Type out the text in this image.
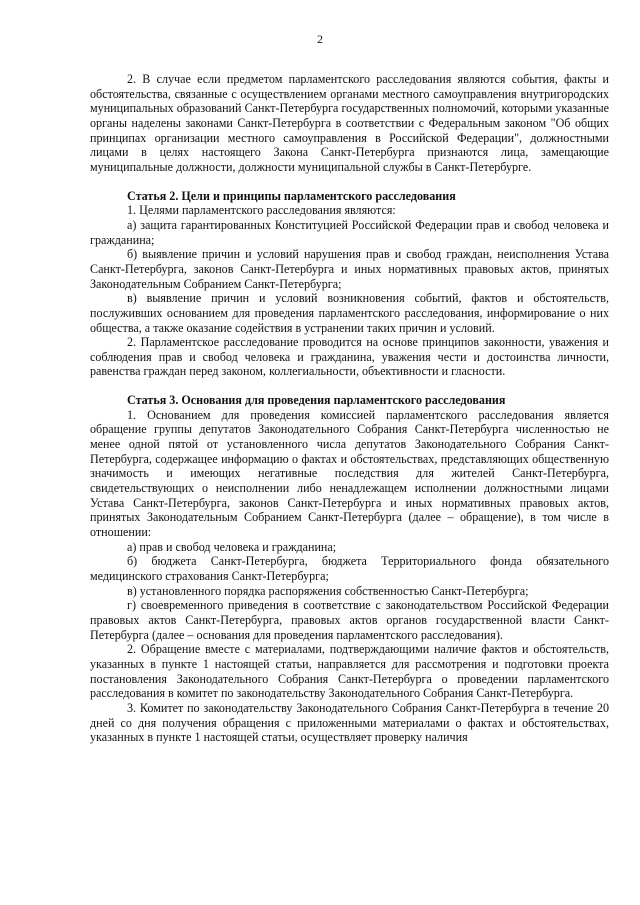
2

2. В случае если предметом парламентского расследования являются события, факты и обстоятельства, связанные с осуществлением органами местного самоуправления внутригородских муниципальных образований Санкт-Петербурга государственных полномочий, которыми указанные органы наделены законами Санкт-Петербурга в соответствии с Федеральным законом "Об общих принципах организации местного самоуправления в Российской Федерации", должностными лицами в целях настоящего Закона Санкт-Петербурга признаются лица, замещающие муниципальные должности, должности муниципальной службы в Санкт-Петербурге.

Статья 2. Цели и принципы парламентского расследования

1. Целями парламентского расследования являются:

а) защита гарантированных Конституцией Российской Федерации прав и свобод человека и гражданина;

б) выявление причин и условий нарушения прав и свобод граждан, неисполнения Устава Санкт-Петербурга, законов Санкт-Петербурга и иных нормативных правовых актов, принятых Законодательным Собранием Санкт-Петербурга;

в) выявление причин и условий возникновения событий, фактов и обстоятельств, послуживших основанием для проведения парламентского расследования, информирование о них общества, а также оказание содействия в устранении таких причин и условий.

2. Парламентское расследование проводится на основе принципов законности, уважения и соблюдения прав и свобод человека и гражданина, уважения чести и достоинства личности, равенства граждан перед законом, коллегиальности, объективности и гласности.

Статья 3. Основания для проведения парламентского расследования

1. Основанием для проведения комиссией парламентского расследования является обращение группы депутатов Законодательного Собрания Санкт-Петербурга численностью не менее одной пятой от установленного числа депутатов Законодательного Собрания Санкт-Петербурга, содержащее информацию о фактах и обстоятельствах, представляющих общественную значимость и имеющих негативные последствия для жителей Санкт-Петербурга, свидетельствующих о неисполнении либо ненадлежащем исполнении должностными лицами Устава Санкт-Петербурга, законов Санкт-Петербурга и иных нормативных правовых актов, принятых Законодательным Собранием Санкт-Петербурга (далее – обращение), в том числе в отношении:

а) прав и свобод человека и гражданина;

б) бюджета Санкт-Петербурга, бюджета Территориального фонда обязательного медицинского страхования Санкт-Петербурга;

в) установленного порядка распоряжения собственностью Санкт-Петербурга;

г) своевременного приведения в соответствие с законодательством Российской Федерации правовых актов Санкт-Петербурга, правовых актов органов государственной власти Санкт-Петербурга (далее – основания для проведения парламентского расследования).

2. Обращение вместе с материалами, подтверждающими наличие фактов и обстоятельств, указанных в пункте 1 настоящей статьи, направляется для рассмотрения и подготовки проекта постановления Законодательного Собрания Санкт-Петербурга о проведении парламентского расследования в комитет по законодательству Законодательного Собрания Санкт-Петербурга.

3. Комитет по законодательству Законодательного Собрания Санкт-Петербурга в течение 20 дней со дня получения обращения с приложенными материалами о фактах и обстоятельствах, указанных в пункте 1 настоящей статьи, осуществляет проверку наличия
